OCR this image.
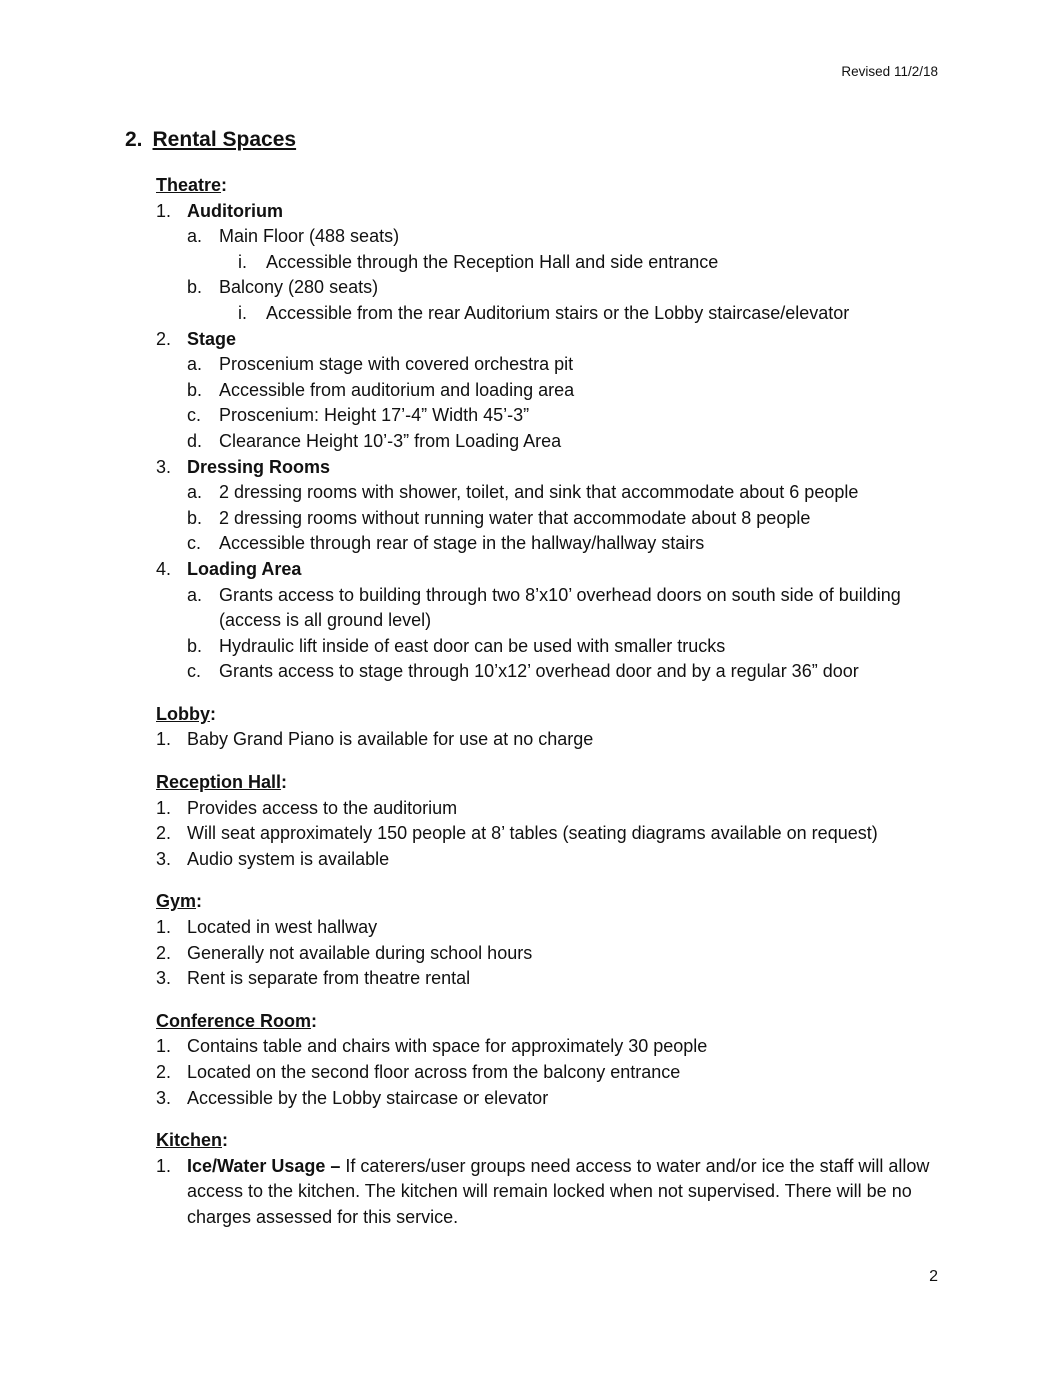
Revised 11/2/18
2. Rental Spaces
Theatre:
1. Auditorium
a. Main Floor (488 seats)
i.	Accessible through the Reception Hall and side entrance
b. Balcony (280 seats)
i.	Accessible from the rear Auditorium stairs or the Lobby staircase/elevator
2. Stage
a. Proscenium stage with covered orchestra pit
b. Accessible from auditorium and loading area
c. Proscenium: Height 17’-4” Width 45’-3”
d. Clearance Height 10’-3” from Loading Area
3. Dressing Rooms
a. 2 dressing rooms with shower, toilet, and sink that accommodate about 6 people
b. 2 dressing rooms without running water that accommodate about 8 people
c. Accessible through rear of stage in the hallway/hallway stairs
4. Loading Area
a. Grants access to building through two 8’x10’ overhead doors on south side of building (access is all ground level)
b. Hydraulic lift inside of east door can be used with smaller trucks
c. Grants access to stage through 10’x12’ overhead door and by a regular 36” door
Lobby:
1. Baby Grand Piano is available for use at no charge
Reception Hall:
1. Provides access to the auditorium
2. Will seat approximately 150 people at 8’ tables (seating diagrams available on request)
3. Audio system is available
Gym:
1. Located in west hallway
2. Generally not available during school hours
3. Rent is separate from theatre rental
Conference Room:
1. Contains table and chairs with space for approximately 30 people
2. Located on the second floor across from the balcony entrance
3. Accessible by the Lobby staircase or elevator
Kitchen:
1. Ice/Water Usage – If caterers/user groups need access to water and/or ice the staff will allow access to the kitchen. The kitchen will remain locked when not supervised. There will be no charges assessed for this service.
2
